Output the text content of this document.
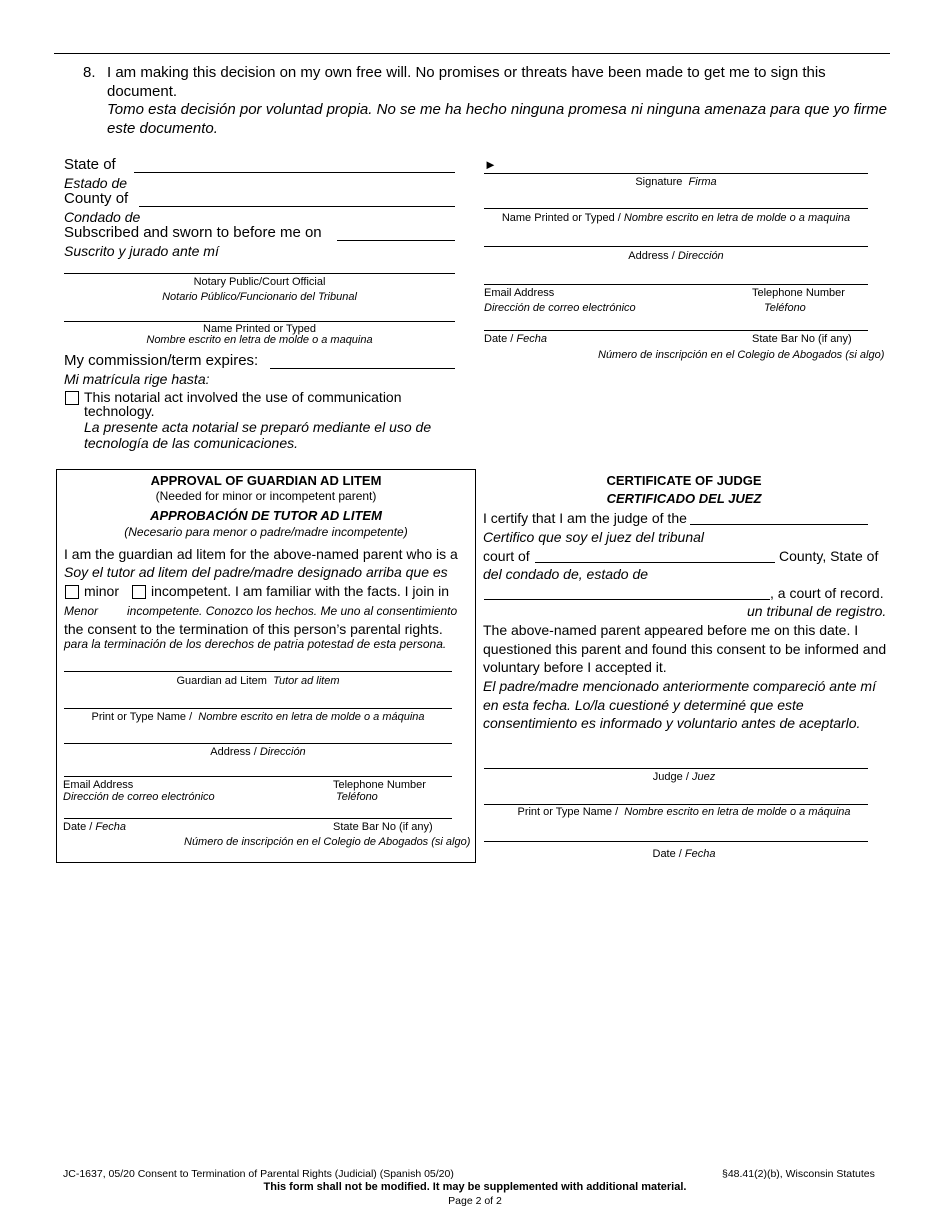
8. I am making this decision on my own free will. No promises or threats have been made to get me to sign this
document.
Tomo esta decisión por voluntad propia. No se me ha hecho ninguna promesa ni ninguna amenaza para que yo firme
este documento.
State of
Estado de
County of
Condado de
Subscribed and sworn to before me on
Suscrito y jurado ante mí
Notary Public/Court Official
Notario Público/Funcionario del Tribunal
Name Printed or Typed
Nombre escrito en letra de molde o a maquina
My commission/term expires:
Mi matrícula rige hasta:
This notarial act involved the use of communication
technology.
La presente acta notarial se preparó mediante el uso de
tecnología de las comunicaciones.
►
Signature Firma
Name Printed or Typed / Nombre escrito en letra de molde o a maquina
Address / Dirección
Email Address	Telephone Number
Dirección de correo electrónico	Teléfono
Date / Fecha	State Bar No (if any)
Número de inscripción en el Colegio de Abogados (si algo)
APPROVAL OF GUARDIAN AD LITEM
(Needed for minor or incompetent parent)
APPROBACIÓN DE TUTOR AD LITEM
(Necesario para menor o padre/madre incompetente)
I am the guardian ad litem for the above-named parent who is a
Soy el tutor ad litem del padre/madre designado arriba que es
minor incompetent. I am familiar with the facts. I join in
Menor incompetente. Conozco los hechos. Me uno al consentimiento
the consent to the termination of this person’s parental rights.
para la terminación de los derechos de patria potestad de esta persona.
Guardian ad Litem Tutor ad litem
Print or Type Name / Nombre escrito en letra de molde o a máquina
Address / Dirección
Email Address	Telephone Number
Dirección de correo electrónico	Teléfono
Date / Fecha	State Bar No (if any)
Número de inscripción en el Colegio de Abogados (si algo)
CERTIFICATE OF JUDGE
CERTIFICADO DEL JUEZ
I certify that I am the judge of the
Certifico que soy el juez del tribunal
court of	County, State of
del condado de, estado de
, a court of record.
un tribunal de registro.
The above-named parent appeared before me on this date. I
questioned this parent and found this consent to be informed and
voluntary before I accepted it.
El padre/madre mencionado anteriormente compareció ante mí
en esta fecha. Lo/la cuestioné y determiné que este
consentimiento es informado y voluntario antes de aceptarlo.
Judge / Juez
Print or Type Name / Nombre escrito en letra de molde o a máquina
Date / Fecha
JC-1637, 05/20 Consent to Termination of Parental Rights (Judicial) (Spanish 05/20)	§48.41(2)(b), Wisconsin Statutes
This form shall not be modified. It may be supplemented with additional material.
Page 2 of 2
